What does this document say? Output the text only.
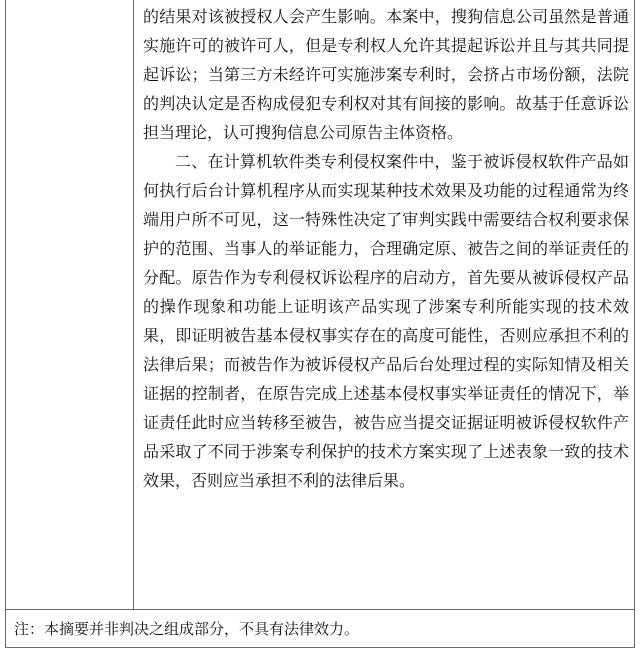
的结果对该被授权人会产生影响。本案中，搜狗信息公司虽然是普通实施许可的被许可人，但是专利权人允许其提起诉讼并且与其共同提起诉讼；当第三方未经许可实施涉案专利时，会挤占市场份额，法院的判决认定是否构成侵犯专利权对其有间接的影响。故基于任意诉讼担当理论，认可搜狗信息公司原告主体资格。

二、在计算机软件类专利侵权案件中，鉴于被诉侵权软件产品如何执行后台计算机程序从而实现某种技术效果及功能的过程通常为终端用户所不可见，这一特殊性决定了审判实践中需要结合权利要求保护的范围、当事人的举证能力，合理确定原、被告之间的举证责任的分配。原告作为专利侵权诉讼程序的启动方，首先要从被诉侵权产品的操作现象和功能上证明该产品实现了涉案专利所能实现的技术效果，即证明被告基本侵权事实存在的高度可能性，否则应承担不利的法律后果；而被告作为被诉侵权产品后台处理过程的实际知情及相关证据的控制者，在原告完成上述基本侵权事实举证责任的情况下，举证责任此时应当转移至被告，被告应当提交证据证明被诉侵权软件产品采取了不同于涉案专利保护的技术方案实现了上述表象一致的技术效果，否则应当承担不利的法律后果。

注：本摘要并非判决之组成部分，不具有法律效力。
